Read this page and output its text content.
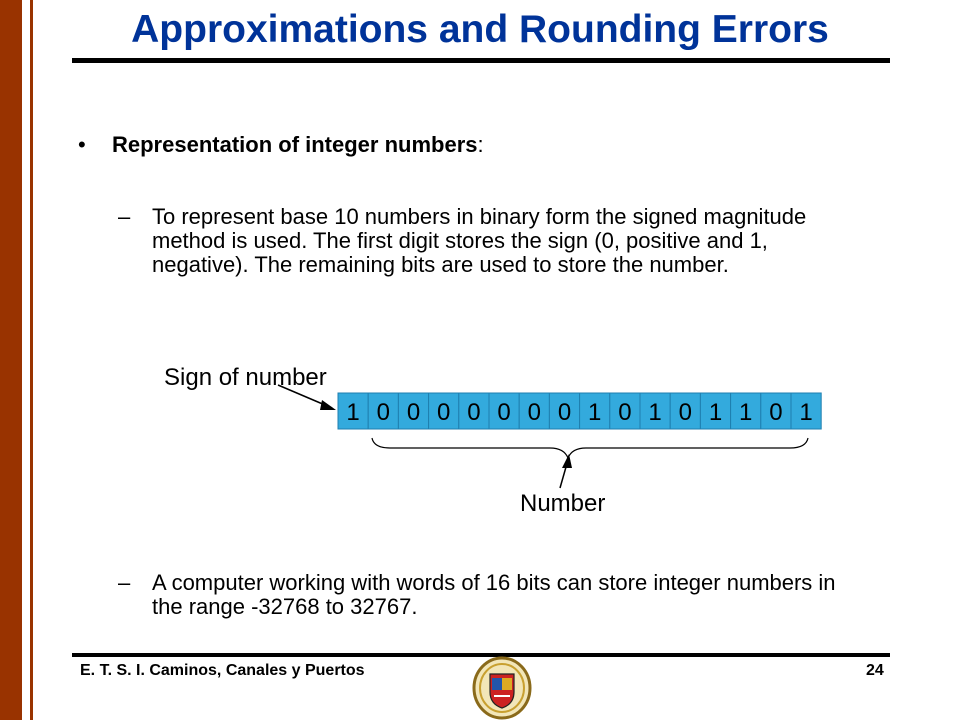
Approximations and Rounding Errors
• Representation of integer numbers:
– To represent base 10 numbers in binary form the signed magnitude method is used. The first digit stores the sign (0, positive and 1, negative). The remaining bits are used to store the number.
Sign of number
1 0 0 0 0 0 0 0 1 0 1 0 1 1 0 1
Number
– A computer working with words of 16 bits can store integer numbers in the range -32768 to 32767.
E. T. S. I. Caminos, Canales y Puertos	24
